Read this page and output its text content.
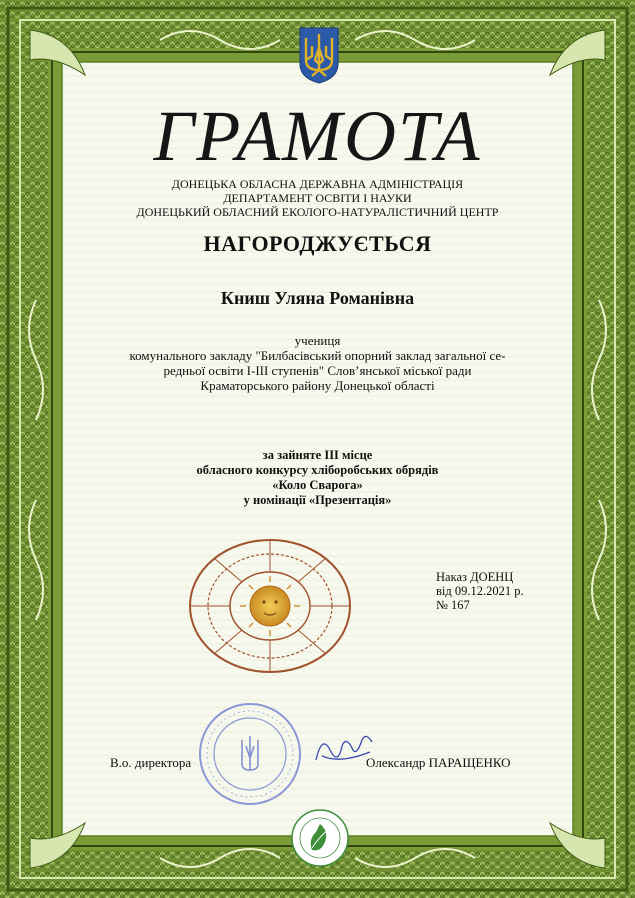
ГРАМОТА
ДОНЕЦЬКА ОБЛАСНА ДЕРЖАВНА АДМІНІСТРАЦІЯ
ДЕПАРТАМЕНТ ОСВІТИ І НАУКИ
ДОНЕЦЬКИЙ ОБЛАСНИЙ ЕКОЛОГО-НАТУРАЛІСТИЧНИЙ ЦЕНТР
НАГОРОДЖУЄТЬСЯ
Книш Уляна Романівна
учениця
комунального закладу "Билбасівський опорний заклад загальної се-
редньої освіти І-ІІІ ступенів" Слов’янської міської ради
Краматорського району Донецької області
за зайняте ІІІ місце
обласного конкурсу хліборобських обрядів
«Коло Сварога»
у номінації «Презентація»
Наказ ДОЕНЦ
від 09.12.2021 р.
№ 167
В.о. директора	Олександр ПАРАЩЕНКО
